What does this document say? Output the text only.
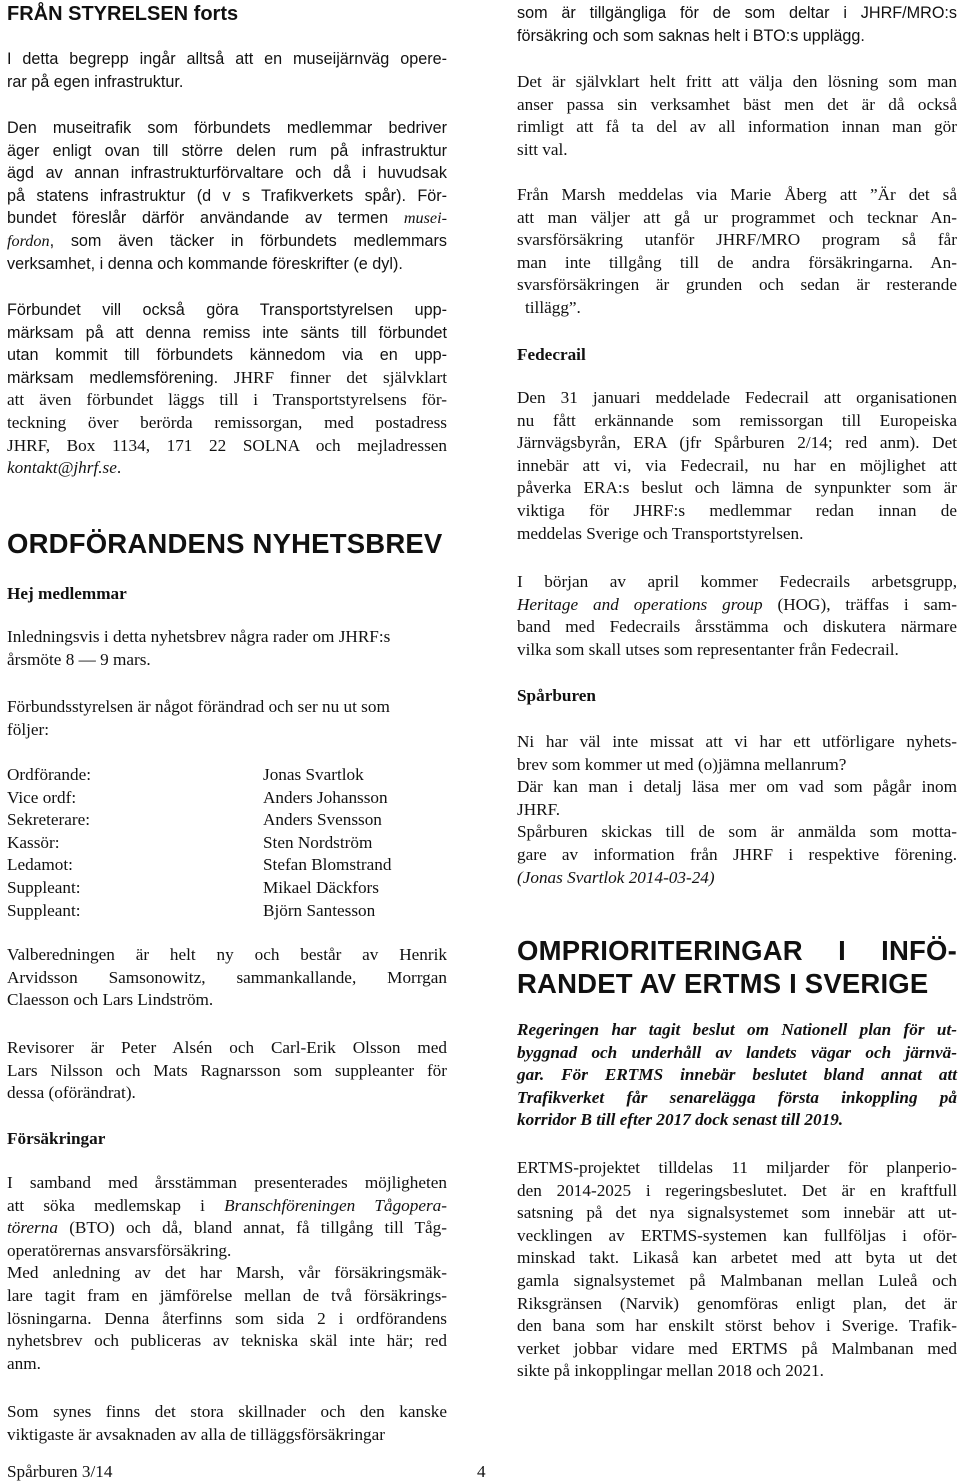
FRÅN STYRELSEN forts
I detta begrepp ingår alltså att en museijärnväg opere-
rar på egen infrastruktur.
Den museitrafik som förbundets medlemmar bedriver
äger enligt ovan till större delen rum på infrastruktur
ägd av annan infrastrukturförvaltare och då i huvudsak
på statens infrastruktur (d v s Trafikverkets spår). För-
bundet föreslår därför användande av termen musei-
fordon, som även täcker in förbundets medlemmars
verksamhet, i denna och kommande föreskrifter (e dyl).
Förbundet vill också göra Transportstyrelsen upp-
märksam på att denna remiss inte sänts till förbundet
utan kommit till förbundets kännedom via en upp-
märksam medlemsförening. JHRF finner det självklart
att även förbundet läggs till i Transportstyrelsens för-
teckning över berörda remissorgan, med postadress
JHRF, Box 1134, 171 22 SOLNA och mejladressen
kontakt@jhrf.se.
ORDFÖRANDENS NYHETSBREV
Hej medlemmar
Inledningsvis i detta nyhetsbrev några rader om JHRF:s
årsmöte 8 — 9 mars.
Förbundsstyrelsen är något förändrad och ser nu ut som
följer:
Ordförande:	Jonas Svartlok
Vice ordf:	Anders Johansson
Sekreterare:	Anders Svensson
Kassör:	Sten Nordström
Ledamot:	Stefan Blomstrand
Suppleant:	Mikael Däckfors
Suppleant:	Björn Santesson
Valberedningen är helt ny och består av Henrik
Arvidsson Samsonowitz, sammankallande, Morrgan
Claesson och Lars Lindström.
Revisorer är Peter Alsén och Carl-Erik Olsson med
Lars Nilsson och Mats Ragnarsson som suppleanter för
dessa (oförändrat).
Försäkringar
I samband med årsstämman presenterades möjligheten
att söka medlemskap i Branschföreningen Tågopera-
törerna (BTO) och då, bland annat, få tillgång till Tåg-
operatörernas ansvarsförsäkring.
Med anledning av det har Marsh, vår försäkringsmäk-
lare tagit fram en jämförelse mellan de två försäkrings-
lösningarna. Denna återfinns som sida 2 i ordförandens
nyhetsbrev och publiceras av tekniska skäl inte här; red
anm.
Som synes finns det stora skillnader och den kanske
viktigaste är avsaknaden av alla de tilläggsförsäkringar
som är tillgängliga för de som deltar i JHRF/MRO:s
försäkring och som saknas helt i BTO:s upplägg.
Det är självklart helt fritt att välja den lösning som man
anser passa sin verksamhet bäst men det är då också
rimligt att få ta del av all information innan man gör
sitt val.
Från Marsh meddelas via Marie Åberg att ”Är det så
att man väljer att gå ur programmet och tecknar An-
svarsförsäkring utanför JHRF/MRO program så får
man inte tillgång till de andra försäkringarna. An-
svarsförsäkringen är grunden och sedan är resterande
tillägg”.
Fedecrail
Den 31 januari meddelade Fedecrail att organisationen
nu fått erkännande som remissorgan till Europeiska
Järnvägsbyrån, ERA (jfr Spårburen 2/14; red anm). Det
innebär att vi, via Fedecrail, nu har en möjlighet att
påverka ERA:s beslut och lämna de synpunkter som är
viktiga för JHRF:s medlemmar redan innan de
meddelas Sverige och Transportstyrelsen.
I början av april kommer Fedecrails arbetsgrupp,
Heritage and operations group (HOG), träffas i sam-
band med Fedecrails årsstämma och diskutera närmare
vilka som skall utses som representanter från Fedecrail.
Spårburen
Ni har väl inte missat att vi har ett utförligare nyhets-
brev som kommer ut med (o)jämna mellanrum?
Där kan man i detalj läsa mer om vad som pågår inom
JHRF.
Spårburen skickas till de som är anmälda som motta-
gare av information från JHRF i respektive förening.
(Jonas Svartlok 2014-03-24)
OMPRIORITERINGAR I INFÖ-
RANDET AV ERTMS I SVERIGE
Regeringen har tagit beslut om Nationell plan för ut-
byggnad och underhåll av landets vägar och järnvä-
gar. För ERTMS innebär beslutet bland annat att
Trafikverket får senarelägga första inkoppling på
korridor B till efter 2017 dock senast till 2019.
ERTMS-projektet tilldelas 11 miljarder för planperio-
den 2014-2025 i regeringsbeslutet. Det är en kraftfull
satsning på det nya signalsystemet som innebär att ut-
vecklingen av ERTMS-systemen kan fullföljas i oför-
minskad takt. Likaså kan arbetet med att byta ut det
gamla signalsystemet på Malmbanan mellan Luleå och
Riksgränsen (Narvik) genomföras enligt plan, det är
den bana som har enskilt störst behov i Sverige. Trafik-
verket jobbar vidare med ERTMS på Malmbanan med
sikte på inkopplingar mellan 2018 och 2021.
Spårburen 3/14	4
